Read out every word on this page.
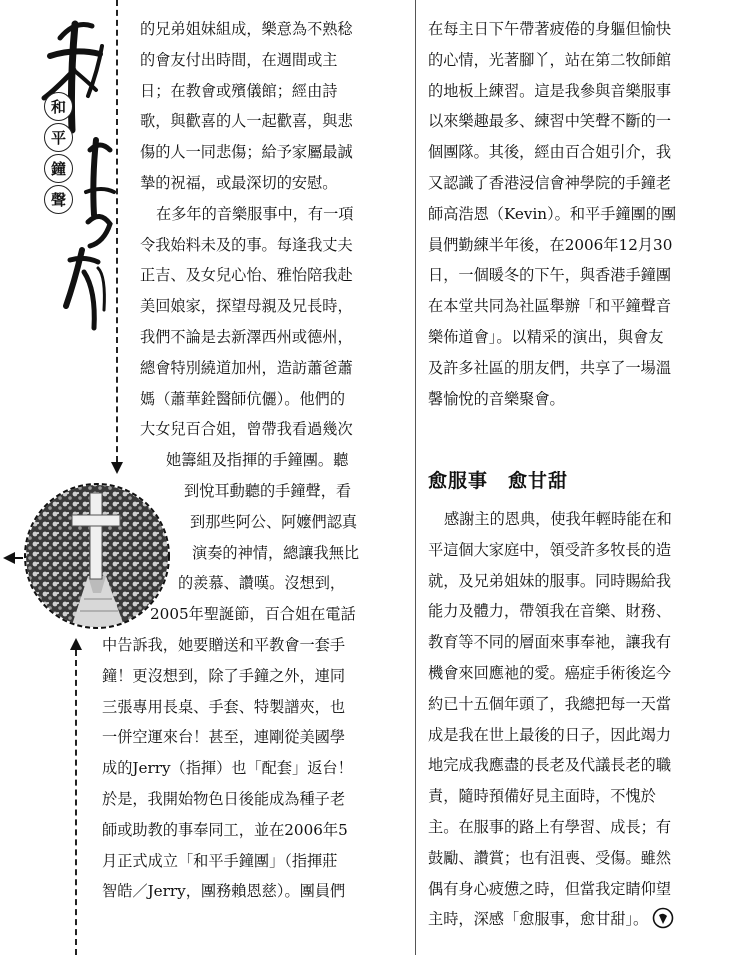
和
平
鐘
聲

的兄弟姐妹組成，樂意為不熟稔
的會友付出時間，在週間或主
日；在教會或殯儀館；經由詩
歌，與歡喜的人一起歡喜，與悲
傷的人一同悲傷；給予家屬最誠
摯的祝福，或最深切的安慰。

在多年的音樂服事中，有一項
令我始料未及的事。每逢我丈夫
正吉、及女兒心怡、雅怡陪我赴
美回娘家，探望母親及兄長時，
我們不論是去新澤西州或德州，
總會特別繞道加州，造訪蕭爸蕭
媽（蕭華銓醫師伉儷）。他們的
大女兒百合姐，曾帶我看過幾次
她籌組及指揮的手鐘團。聽
到悅耳動聽的手鐘聲，看
到那些阿公、阿嬤們認真
演奏的神情，總讓我無比
的羨慕、讚嘆。沒想到，

2005年聖誕節，百合姐在電話
中告訴我，她要贈送和平教會一套手
鐘！更沒想到，除了手鐘之外，連同
三張專用長桌、手套、特製譜夾，也
一併空運來台！甚至，連剛從美國學
成的Jerry（指揮）也「配套」返台！
於是，我開始物色日後能成為種子老
師或助教的事奉同工，並在2006年5
月正式成立「和平手鐘團」（指揮莊
智皓／Jerry，團務賴恩慈）。團員們

在每主日下午帶著疲倦的身軀但愉快
的心情，光著腳丫，站在第二牧師館
的地板上練習。這是我參與音樂服事
以來樂趣最多、練習中笑聲不斷的一
個團隊。其後，經由百合姐引介，我
又認識了香港浸信會神學院的手鐘老
師高浩恩（Kevin）。和平手鐘團的團
員們勤練半年後，在2006年12月30
日，一個暖冬的下午，與香港手鐘團
在本堂共同為社區舉辦「和平鐘聲音
樂佈道會」。以精采的演出，與會友
及許多社區的朋友們，共享了一場溫
馨愉悅的音樂聚會。

愈服事　愈甘甜

感謝主的恩典，使我年輕時能在和
平這個大家庭中，領受許多牧長的造
就，及兄弟姐妹的服事。同時賜給我
能力及體力，帶領我在音樂、財務、
教育等不同的層面來事奉祂，讓我有
機會來回應祂的愛。癌症手術後迄今
約已十五個年頭了，我總把每一天當
成是我在世上最後的日子，因此竭力
地完成我應盡的長老及代議長老的職
責，隨時預備好見主面時，不愧於
主。在服事的路上有學習、成長；有
鼓勵、讚賞；也有沮喪、受傷。雖然
偶有身心疲憊之時，但當我定睛仰望
主時，深感「愈服事，愈甘甜」。
